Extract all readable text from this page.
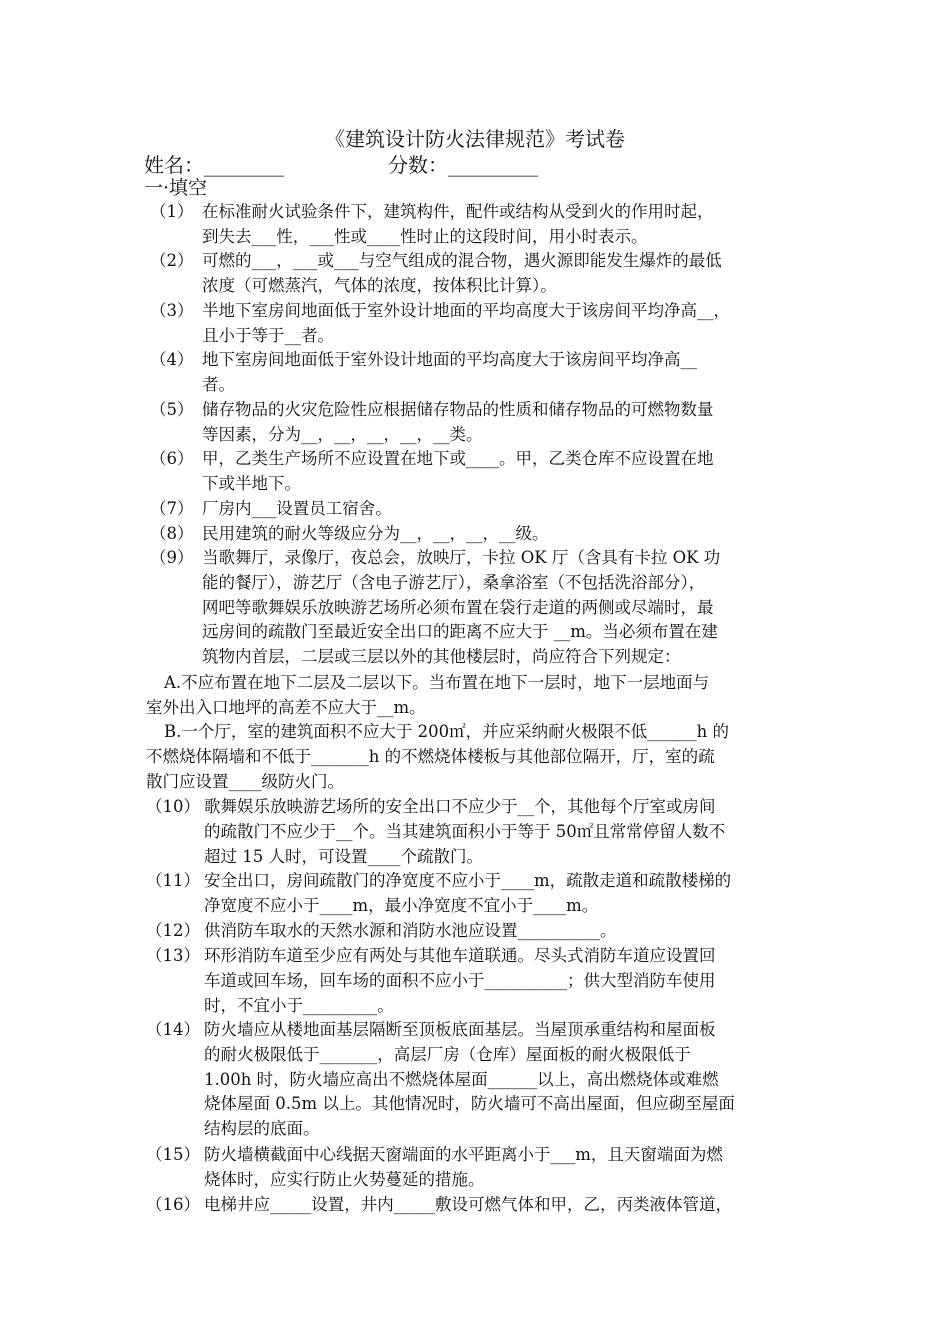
《建筑设计防火法律规范》考试卷
姓名：________	分数：_________
一·填空
（1） 在标准耐火试验条件下，建筑构件，配件或结构从受到火的作用时起，
到失去___性，___性或____性时止的这段时间，用小时表示。
（2） 可燃的___，___或___与空气组成的混合物，遇火源即能发生爆炸的最低
浓度（可燃蒸汽，气体的浓度，按体积比计算）。
（3） 半地下室房间地面低于室外设计地面的平均高度大于该房间平均净高__，
且小于等于__者。
（4） 地下室房间地面低于室外设计地面的平均高度大于该房间平均净高__
者。
（5） 储存物品的火灾危险性应根据储存物品的性质和储存物品的可燃物数量
等因素，分为__，__，__，__，__类。
（6） 甲，乙类生产场所不应设置在地下或____。甲，乙类仓库不应设置在地
下或半地下。
（7） 厂房内___设置员工宿舍。
（8） 民用建筑的耐火等级应分为__，__，__，__级。
（9） 当歌舞厅，录像厅，夜总会，放映厅，卡拉 OK 厅（含具有卡拉 OK 功
能的餐厅），游艺厅（含电子游艺厅），桑拿浴室（不包括洗浴部分），
网吧等歌舞娱乐放映游艺场所必须布置在袋行走道的两侧或尽端时，最
远房间的疏散门至最近安全出口的距离不应大于 __m。当必须布置在建
筑物内首层，二层或三层以外的其他楼层时，尚应符合下列规定：
A.不应布置在地下二层及二层以下。当布置在地下一层时，地下一层地面与
室外出入口地坪的高差不应大于__m。
B.一个厅，室的建筑面积不应大于 200㎡，并应采纳耐火极限不低______h 的
不燃烧体隔墙和不低于_______h 的不燃烧体楼板与其他部位隔开，厅，室的疏
散门应设置____级防火门。
（10） 歌舞娱乐放映游艺场所的安全出口不应少于__个，其他每个厅室或房间
的疏散门不应少于__个。当其建筑面积小于等于 50㎡且常常停留人数不
超过 15 人时，可设置____个疏散门。
（11） 安全出口，房间疏散门的净宽度不应小于____m，疏散走道和疏散楼梯的
净宽度不应小于____m，最小净宽度不宜小于____m。
（12） 供消防车取水的天然水源和消防水池应设置__________。
（13） 环形消防车道至少应有两处与其他车道联通。尽头式消防车道应设置回
车道或回车场，回车场的面积不应小于__________；供大型消防车使用
时，不宜小于_________。
（14） 防火墙应从楼地面基层隔断至顶板底面基层。当屋顶承重结构和屋面板
的耐火极限低于_______，高层厂房（仓库）屋面板的耐火极限低于
1.00h 时，防火墙应高出不燃烧体屋面______以上，高出燃烧体或难燃
烧体屋面 0.5m 以上。其他情况时，防火墙可不高出屋面，但应砌至屋面
结构层的底面。
（15） 防火墙横截面中心线据天窗端面的水平距离小于___m，且天窗端面为燃
烧体时，应实行防止火势蔓延的措施。
（16） 电梯井应_____设置，井内_____敷设可燃气体和甲，乙，丙类液体管道，
